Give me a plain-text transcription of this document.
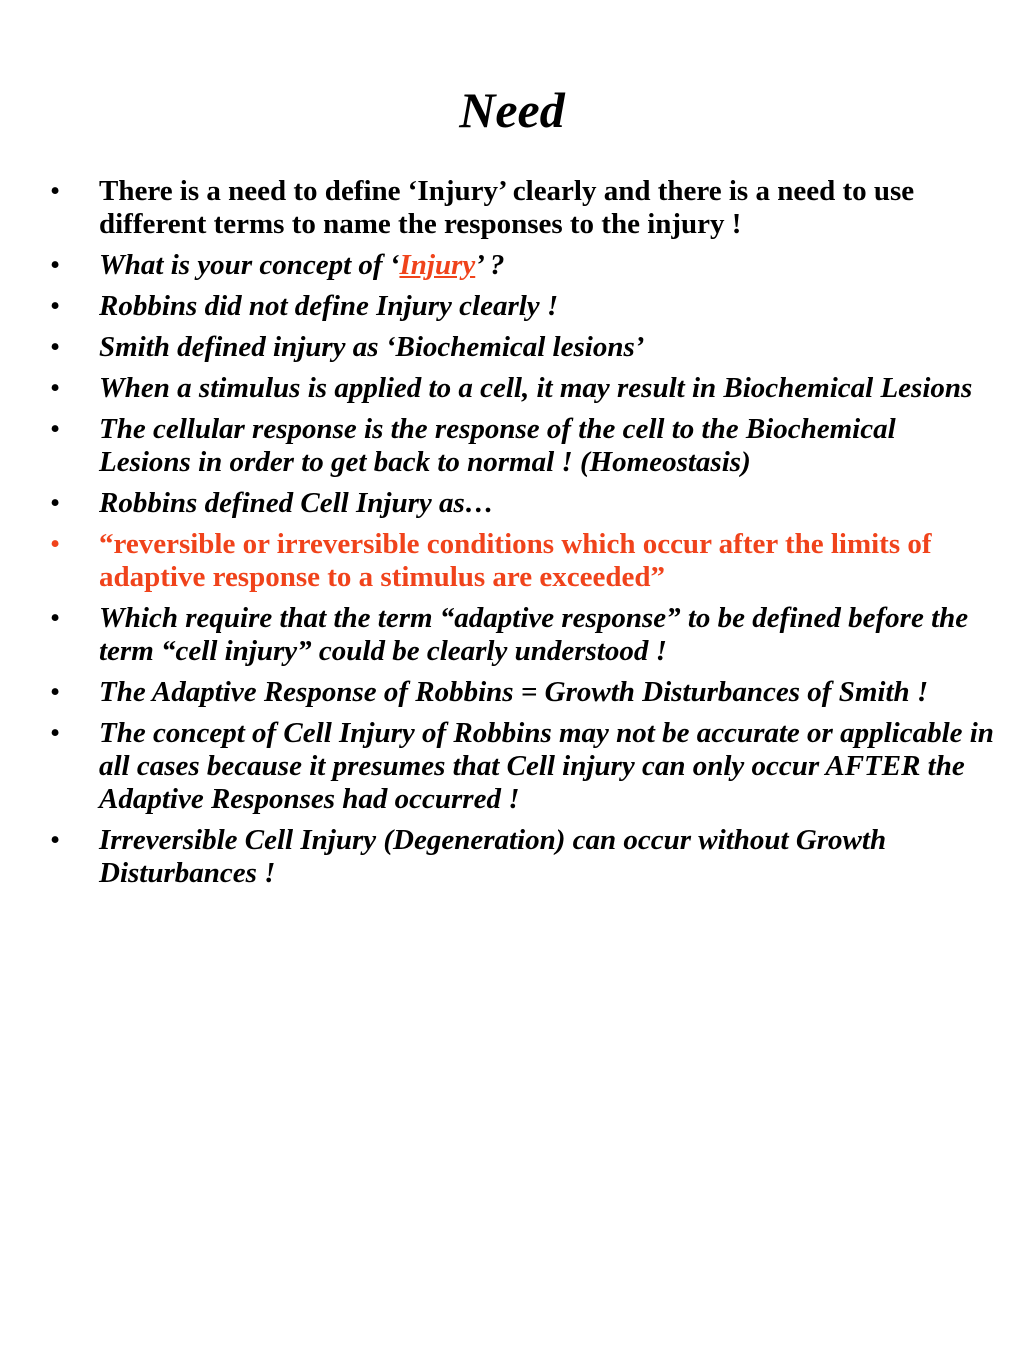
Need
• There is a need to define ‘Injury’ clearly and there is a need to use different terms to name the responses to the injury !
• What is your concept of ‘Injury’ ?
• Robbins did not define Injury clearly !
• Smith defined injury as ‘Biochemical lesions’
• When a stimulus is applied to a cell, it may result in Biochemical Lesions
• The cellular response is the response of the cell to the Biochemical Lesions in order to get back to normal ! (Homeostasis)
• Robbins defined Cell Injury as…
• “reversible or irreversible conditions which occur after the limits of adaptive response to a stimulus are exceeded”
• Which require that the term “adaptive response” to be defined before the term “cell injury” could be clearly understood !
• The Adaptive Response of Robbins = Growth Disturbances of Smith !
• The concept of Cell Injury of Robbins may not be accurate or applicable in all cases because it presumes that Cell injury can only occur AFTER the Adaptive Responses had occurred !
• Irreversible Cell Injury (Degeneration) can occur without Growth Disturbances !
